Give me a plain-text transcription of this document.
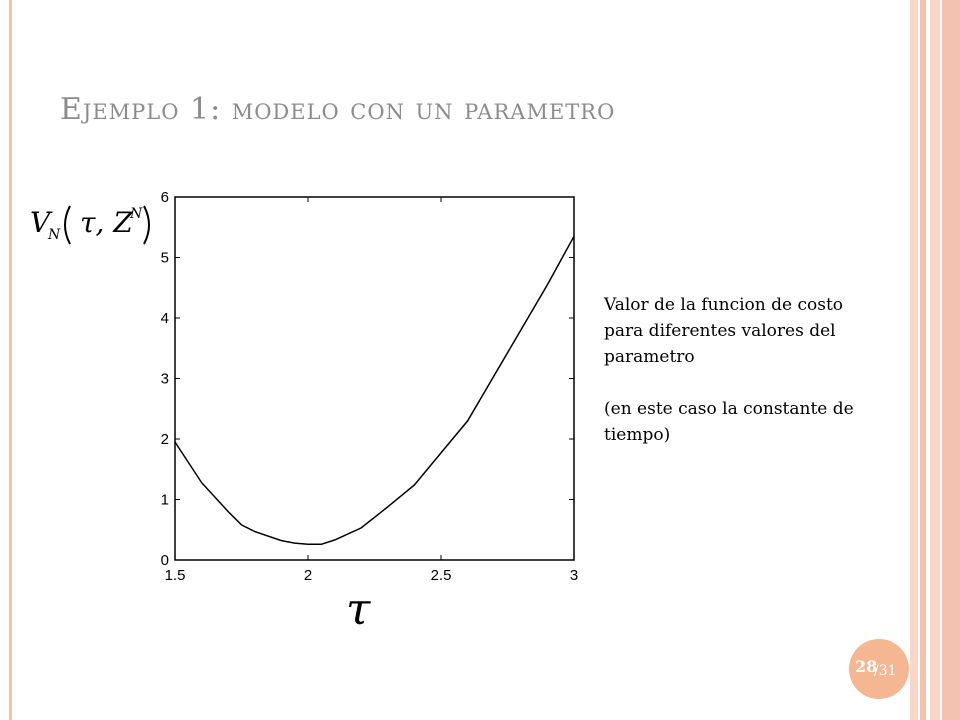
Ejemplo 1: modelo con un parametro
V
N τ, Z
N
1.5	2	2.5	3
0
1
2
3
4
5
6
τ

Valor de la funcion de costo para diferentes valores del parametro

(en este caso la constante de tiempo)

28
/31
